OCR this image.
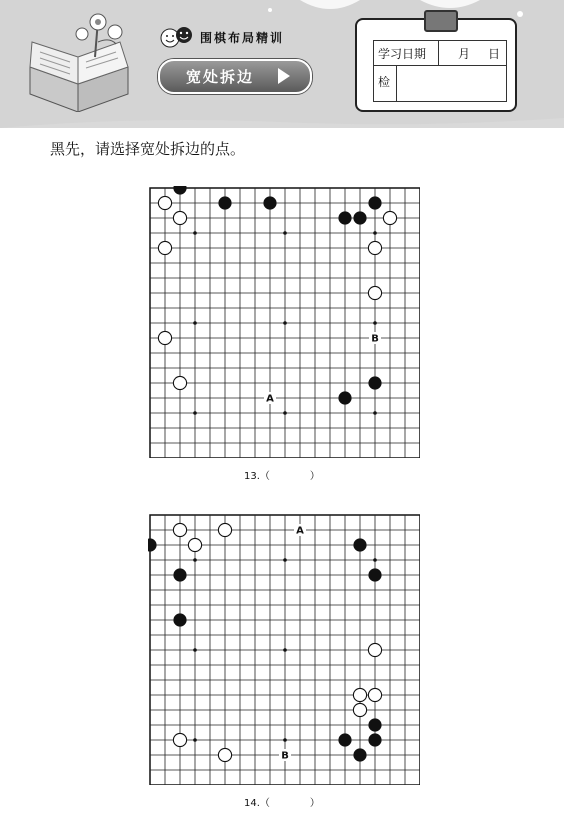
围棋布局精训
宽处拆边
学习日期	月 日
检
黑先，请选择宽处拆边的点。
A
B
13.（　　　　）
A
B
14.（　　　　）
